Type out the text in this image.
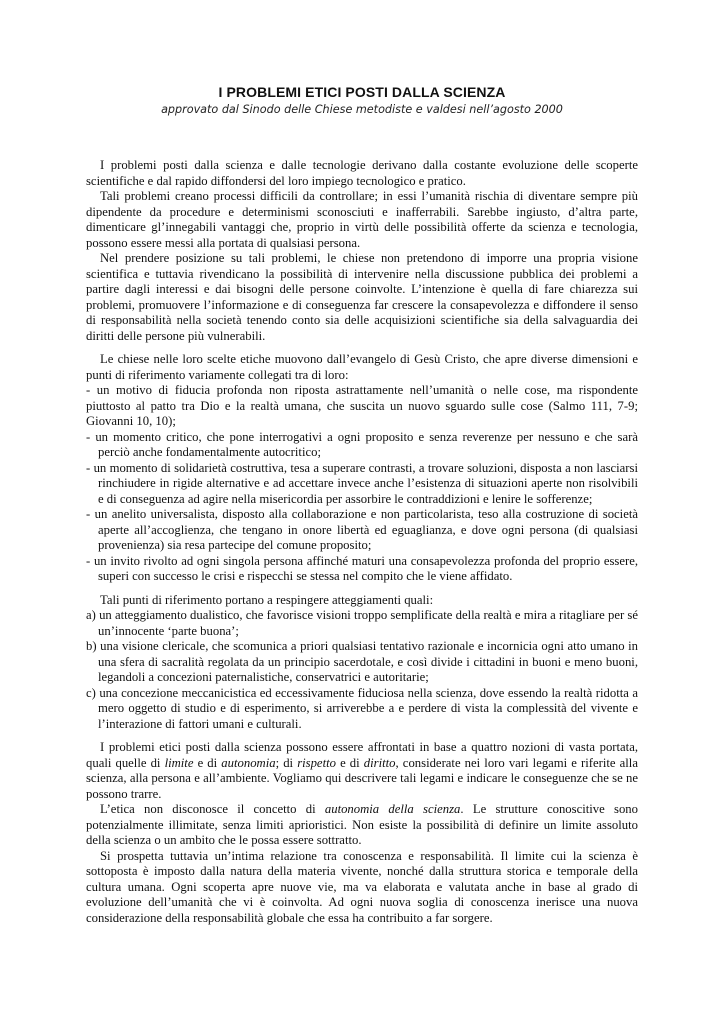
I PROBLEMI ETICI POSTI DALLA SCIENZA

approvato dal Sinodo delle Chiese metodiste e valdesi nell’agosto 2000

I problemi posti dalla scienza e dalle tecnologie derivano dalla costante evoluzione delle scoperte scientifiche e dal rapido diffondersi del loro impiego tecnologico e pratico.

Tali problemi creano processi difficili da controllare; in essi l’umanità rischia di diventare sempre più dipendente da procedure e determinismi sconosciuti e inafferrabili. Sarebbe ingiusto, d’altra parte, dimenticare gl’innegabili vantaggi che, proprio in virtù delle possibilità offerte da scienza e tecnologia, possono essere messi alla portata di qualsiasi persona.

Nel prendere posizione su tali problemi, le chiese non pretendono di imporre una propria visione scientifica e tuttavia rivendicano la possibilità di intervenire nella discussione pubblica dei problemi a partire dagli interessi e dai bisogni delle persone coinvolte. L’intenzione è quella di fare chiarezza sui problemi, promuovere l’informazione e di conseguenza far crescere la consapevolezza e diffondere il senso di responsabilità nella società tenendo conto sia delle acquisizioni scientifiche sia della salvaguardia dei diritti delle persone più vulnerabili.

Le chiese nelle loro scelte etiche muovono dall’evangelo di Gesù Cristo, che apre diverse dimensioni e punti di riferimento variamente collegati tra di loro:

- un motivo di fiducia profonda non riposta astrattamente nell’umanità o nelle cose, ma rispondente piuttosto al patto tra Dio e la realtà umana, che suscita un nuovo sguardo sulle cose (Salmo 111, 7-9; Giovanni 10, 10);

- un momento critico, che pone interrogativi a ogni proposito e senza reverenze per nessuno e che sarà perciò anche fondamentalmente autocritico;

- un momento di solidarietà costruttiva, tesa a superare contrasti, a trovare soluzioni, disposta a non lasciarsi rinchiudere in rigide alternative e ad accettare invece anche l’esistenza di situazioni aperte non risolvibili e di conseguenza ad agire nella misericordia per assorbire le contraddizioni e lenire le sofferenze;

- un anelito universalista, disposto alla collaborazione e non particolarista, teso alla costruzione di società aperte all’accoglienza, che tengano in onore libertà ed eguaglianza, e dove ogni persona (di qualsiasi provenienza) sia resa partecipe del comune proposito;

- un invito rivolto ad ogni singola persona affinché maturi una consapevolezza profonda del proprio essere, superi con successo le crisi e rispecchi se stessa nel compito che le viene affidato.

Tali punti di riferimento portano a respingere atteggiamenti quali:

a) un atteggiamento dualistico, che favorisce visioni troppo semplificate della realtà e mira a ritagliare per sé un’innocente ‘parte buona’;

b) una visione clericale, che scomunica a priori qualsiasi tentativo razionale e incornicia ogni atto umano in una sfera di sacralità regolata da un principio sacerdotale, e così divide i cittadini in buoni e meno buoni, legandoli a concezioni paternalistiche, conservatrici e autoritarie;

c) una concezione meccanicistica ed eccessivamente fiduciosa nella scienza, dove essendo la realtà ridotta a mero oggetto di studio e di esperimento, si arriverebbe a e perdere di vista la complessità del vivente e l’interazione di fattori umani e culturali.

I problemi etici posti dalla scienza possono essere affrontati in base a quattro nozioni di vasta portata, quali quelle di limite e di autonomia; di rispetto e di diritto, considerate nei loro vari legami e riferite alla scienza, alla persona e all’ambiente. Vogliamo qui descrivere tali legami e indicare le conseguenze che se ne possono trarre.

L’etica non disconosce il concetto di autonomia della scienza. Le strutture conoscitive sono potenzialmente illimitate, senza limiti aprioristici. Non esiste la possibilità di definire un limite assoluto della scienza o un ambito che le possa essere sottratto.

Si prospetta tuttavia un’intima relazione tra conoscenza e responsabilità. Il limite cui la scienza è sottoposta è imposto dalla natura della materia vivente, nonché dalla struttura storica e temporale della cultura umana. Ogni scoperta apre nuove vie, ma va elaborata e valutata anche in base al grado di evoluzione dell’umanità che vi è coinvolta. Ad ogni nuova soglia di conoscenza inerisce una nuova considerazione della responsabilità globale che essa ha contribuito a far sorgere.
